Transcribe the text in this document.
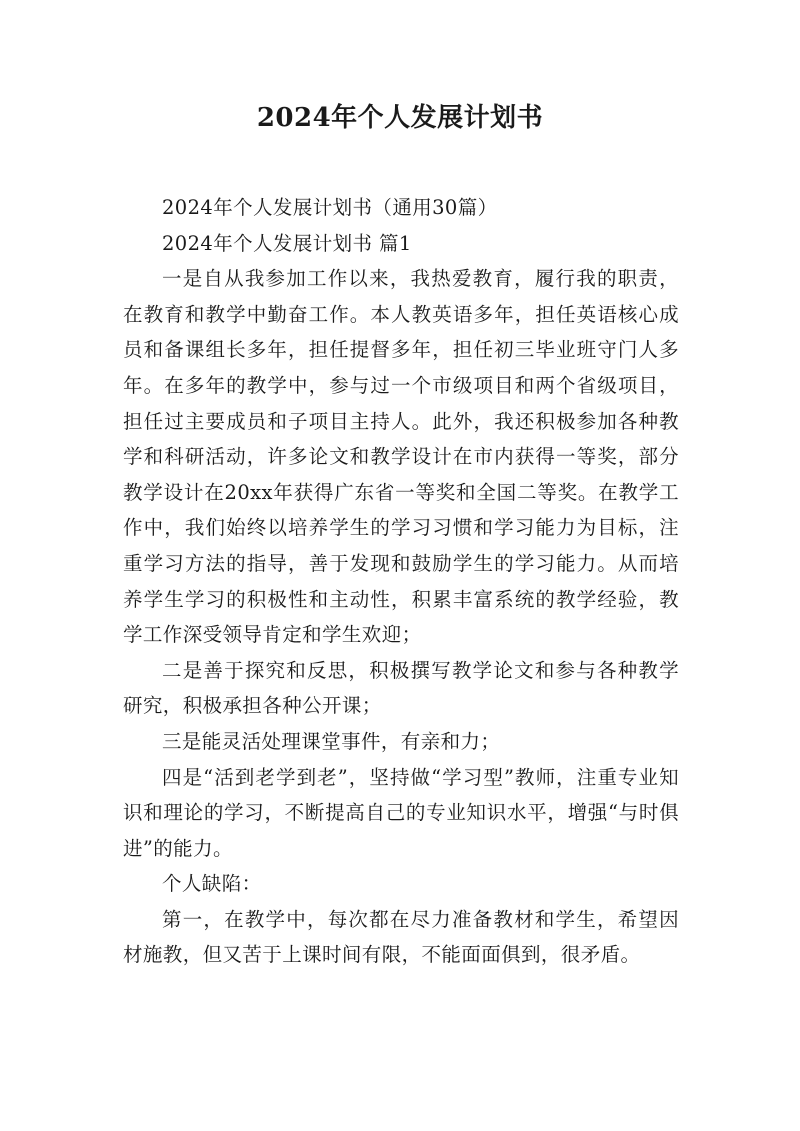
2024年个人发展计划书

2024年个人发展计划书（通用30篇）

2024年个人发展计划书 篇1

一是自从我参加工作以来，我热爱教育，履行我的职责，在教育和教学中勤奋工作。本人教英语多年，担任英语核心成员和备课组长多年，担任提督多年，担任初三毕业班守门人多年。在多年的教学中，参与过一个市级项目和两个省级项目，担任过主要成员和子项目主持人。此外，我还积极参加各种教学和科研活动，许多论文和教学设计在市内获得一等奖，部分教学设计在20xx年获得广东省一等奖和全国二等奖。在教学工作中，我们始终以培养学生的学习习惯和学习能力为目标，注重学习方法的指导，善于发现和鼓励学生的学习能力。从而培养学生学习的积极性和主动性，积累丰富系统的教学经验，教学工作深受领导肯定和学生欢迎；

二是善于探究和反思，积极撰写教学论文和参与各种教学研究，积极承担各种公开课；

三是能灵活处理课堂事件，有亲和力；

四是“活到老学到老”，坚持做“学习型”教师，注重专业知识和理论的学习，不断提高自己的专业知识水平，增强“与时俱进”的能力。

个人缺陷：

第一，在教学中，每次都在尽力准备教材和学生，希望因材施教，但又苦于上课时间有限，不能面面俱到，很矛盾。
